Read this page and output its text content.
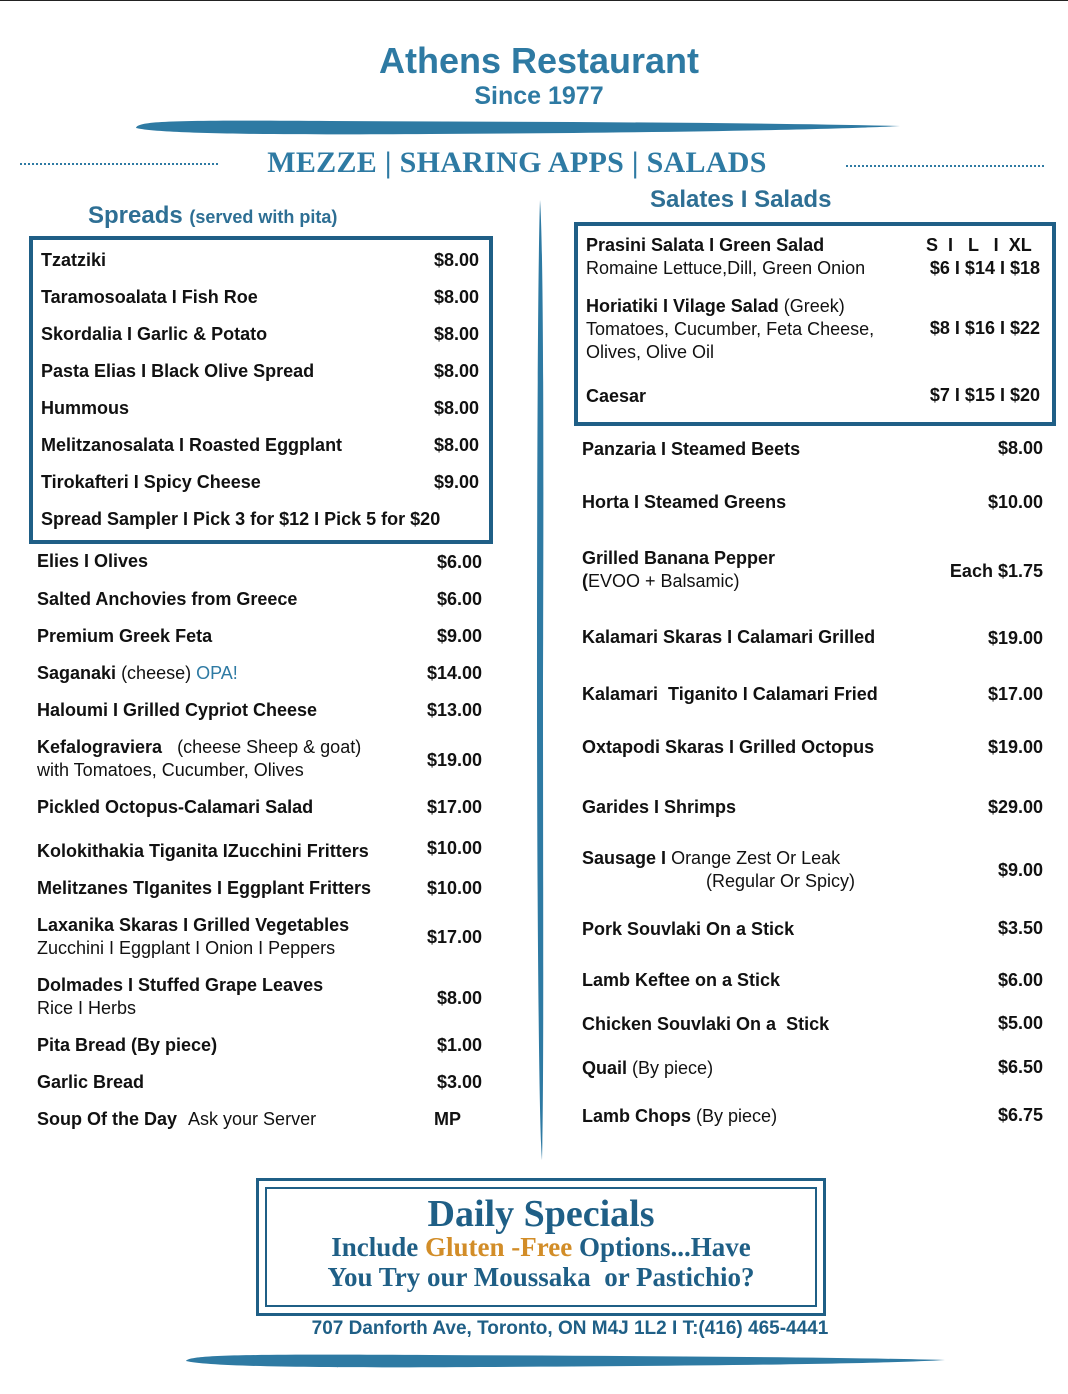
Athens Restaurant
Since 1977
MEZZE | SHARING APPS | SALADS
Spreads (served with pita)
Tzatziki	$8.00
Taramosoalata I Fish Roe	$8.00
Skordalia I Garlic & Potato	$8.00
Pasta Elias I Black Olive Spread	$8.00
Hummous	$8.00
Melitzanosalata I Roasted Eggplant	$8.00
Tirokafteri I Spicy Cheese	$9.00
Spread Sampler I Pick 3 for $12 I Pick 5 for $20
Elies I Olives	$6.00
Salted Anchovies from Greece	$6.00
Premium Greek Feta	$9.00
Saganaki (cheese) OPA!	$14.00
Haloumi I Grilled Cypriot Cheese	$13.00
Kefalograviera (cheese Sheep & goat)
with Tomatoes, Cucumber, Olives	$19.00
Pickled Octopus-Calamari Salad	$17.00
Kolokithakia Tiganita IZucchini Fritters	$10.00
Melitzanes TIganites I Eggplant Fritters	$10.00
Laxanika Skaras I Grilled Vegetables
Zucchini I Eggplant I Onion I Peppers
$17.00
Dolmades I Stuffed Grape Leaves
Rice I Herbs	$8.00
Pita Bread (By piece)	$1.00
Garlic Bread	$3.00
Soup Of the Day Ask your Server	MP
Salates I Salads
S  I   L   I  XL
Prasini Salata I Green Salad
Romaine Lettuce,Dill, Green Onion	$6 I $14 I $18
Horiatiki I Vilage Salad (Greek)
Tomatoes, Cucumber, Feta Cheese,
Olives, Olive Oil
$8 I $16 I $22
Caesar	$7 I $15 I $20
Panzaria I Steamed Beets	$8.00
Horta I Steamed Greens	$10.00
Grilled Banana Pepper
(EVOO + Balsamic)	Each $1.75
Kalamari Skaras I Calamari Grilled	$19.00
Kalamari  Tiganito I Calamari Fried	$17.00
Oxtapodi Skaras I Grilled Octopus	$19.00
Garides I Shrimps	$29.00
Sausage I Orange Zest Or Leak
(Regular Or Spicy)
$9.00
Pork Souvlaki On a Stick	$3.50
Lamb Keftee on a Stick	$6.00
Chicken Souvlaki On a  Stick	$5.00
Quail (By piece)	$6.50
Lamb Chops (By piece)	$6.75
Daily Specials
Include Gluten -Free Options...Have
You Try our Moussaka  or Pastichio?
707 Danforth Ave, Toronto, ON M4J 1L2 I T:(416) 465-4441
